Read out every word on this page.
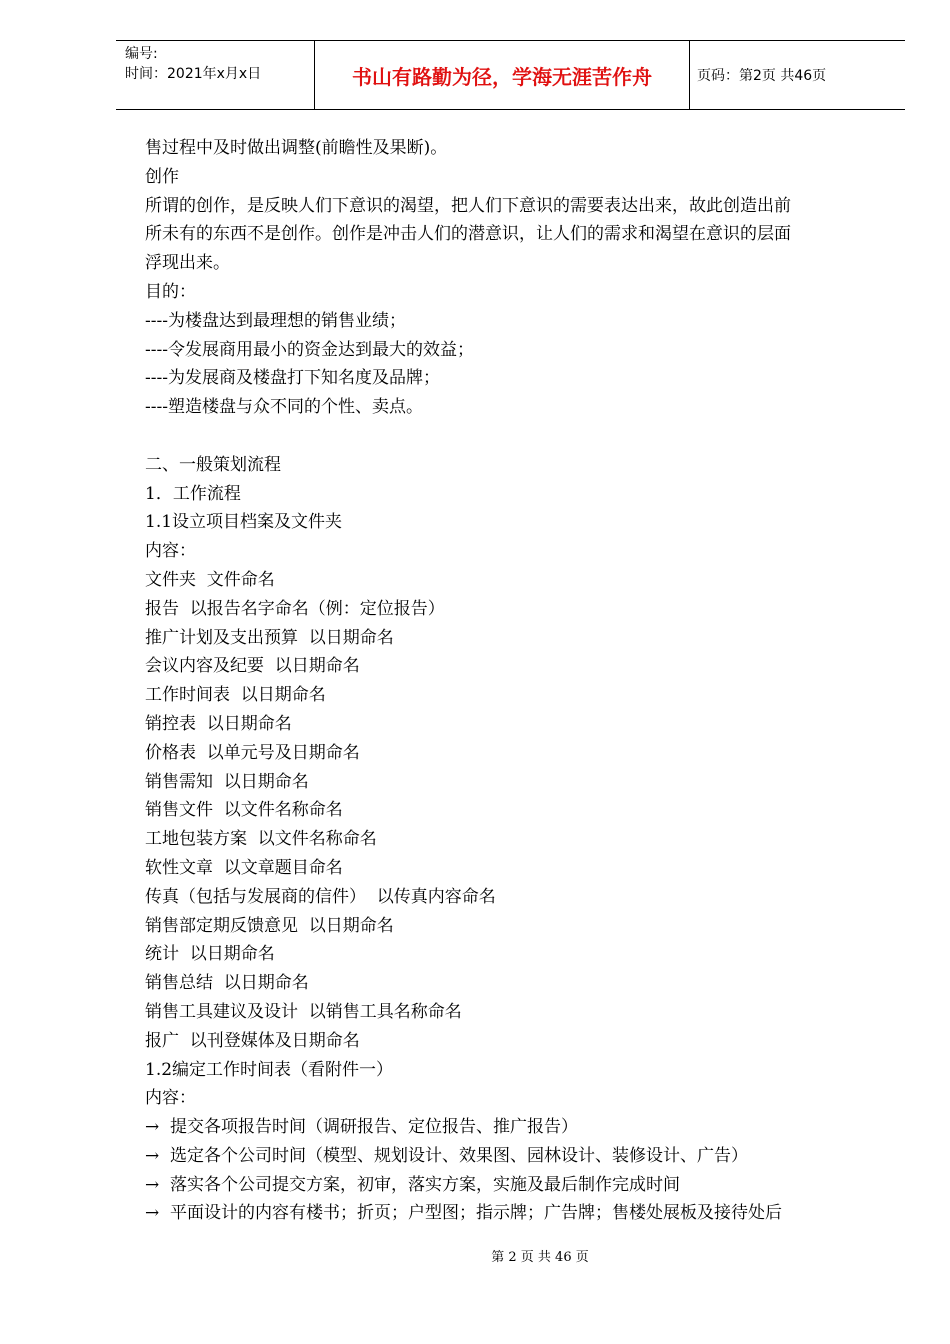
编号:
时间：2021年x月x日	书山有路勤为径，学海无涯苦作舟	页码：第2页 共46页
售过程中及时做出调整(前瞻性及果断)。
创作
所谓的创作，是反映人们下意识的渴望，把人们下意识的需要表达出来，故此创造出前
所未有的东西不是创作。创作是冲击人们的潜意识，让人们的需求和渴望在意识的层面
浮现出来。
目的：
----为楼盘达到最理想的销售业绩；
----令发展商用最小的资金达到最大的效益；
----为发展商及楼盘打下知名度及品牌；
----塑造楼盘与众不同的个性、卖点。
二、一般策划流程
1．工作流程
1.1设立项目档案及文件夹
内容：
文件夹  文件命名
报告  以报告名字命名（例：定位报告）
推广计划及支出预算  以日期命名
会议内容及纪要  以日期命名
工作时间表  以日期命名
销控表  以日期命名
价格表  以单元号及日期命名
销售需知  以日期命名
销售文件  以文件名称命名
工地包装方案  以文件名称命名
软性文章  以文章题目命名
传真（包括与发展商的信件）  以传真内容命名
销售部定期反馈意见  以日期命名
统计  以日期命名
销售总结  以日期命名
销售工具建议及设计  以销售工具名称命名
报广  以刊登媒体及日期命名
1.2编定工作时间表（看附件一）
内容：
→  提交各项报告时间（调研报告、定位报告、推广报告）
→  选定各个公司时间（模型、规划设计、效果图、园林设计、装修设计、广告）
→  落实各个公司提交方案，初审，落实方案，实施及最后制作完成时间
→  平面设计的内容有楼书；折页；户型图；指示牌；广告牌；售楼处展板及接待处后
第 2 页 共 46 页
